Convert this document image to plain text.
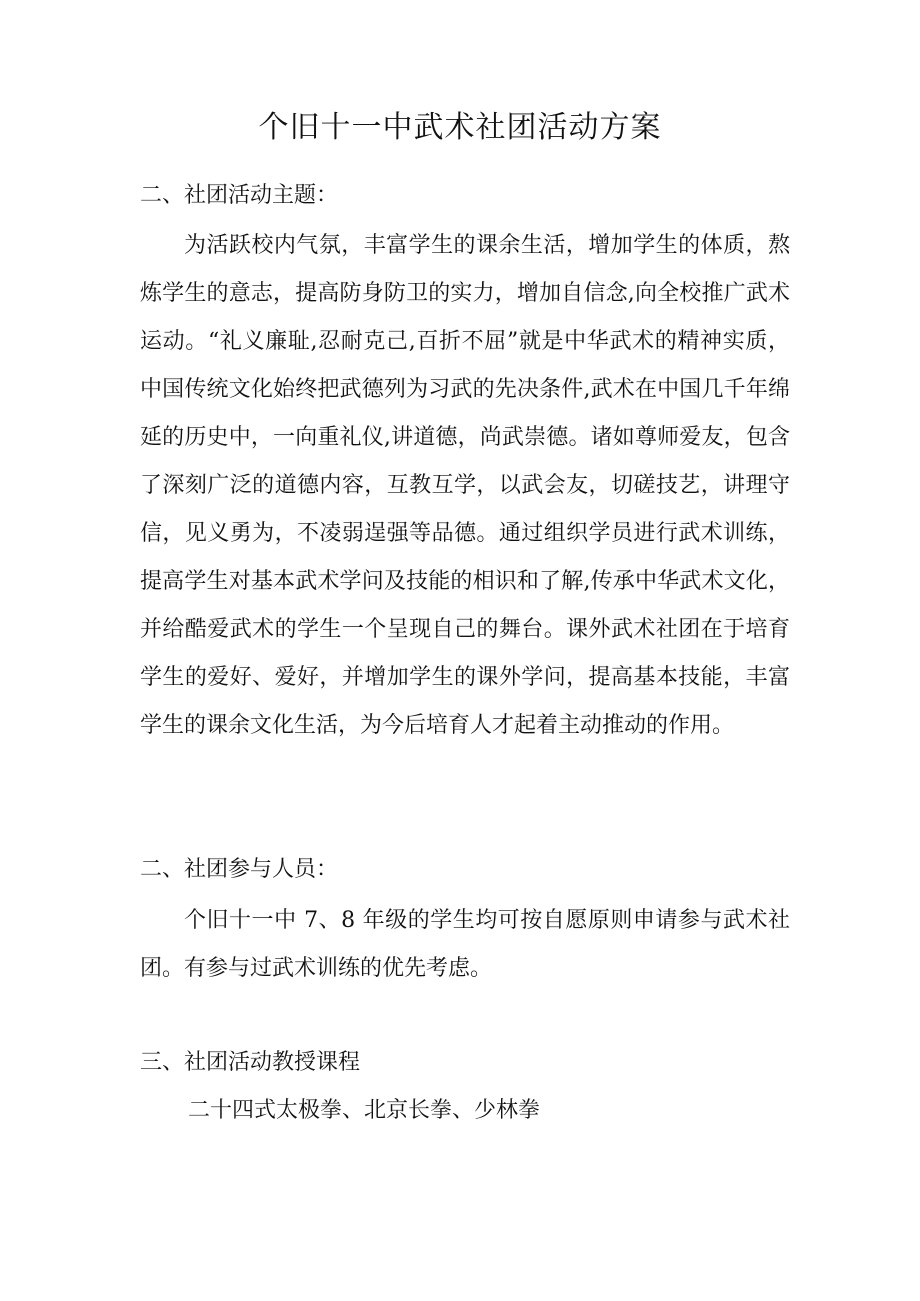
个旧十一中武术社团活动方案
二、社团活动主题：

为活跃校内气氛，丰富学生的课余生活，增加学生的体质，熬炼学生的意志，提高防身防卫的实力，增加自信念,向全校推广武术运动。“礼义廉耻,忍耐克己,百折不屈”就是中华武术的精神实质，中国传统文化始终把武德列为习武的先决条件,武术在中国几千年绵延的历史中，一向重礼仪,讲道德，尚武崇德。诸如尊师爱友，包含了深刻广泛的道德内容，互教互学，以武会友，切磋技艺，讲理守信，见义勇为，不凌弱逞强等品德。通过组织学员进行武术训练，提高学生对基本武术学问及技能的相识和了解,传承中华武术文化，并给酷爱武术的学生一个呈现自己的舞台。课外武术社团在于培育学生的爱好、爱好，并增加学生的课外学问，提高基本技能，丰富学生的课余文化生活，为今后培育人才起着主动推动的作用。

二、社团参与人员：

个旧十一中 7、8 年级的学生均可按自愿原则申请参与武术社团。有参与过武术训练的优先考虑。

三、社团活动教授课程
二十四式太极拳、北京长拳、少林拳
